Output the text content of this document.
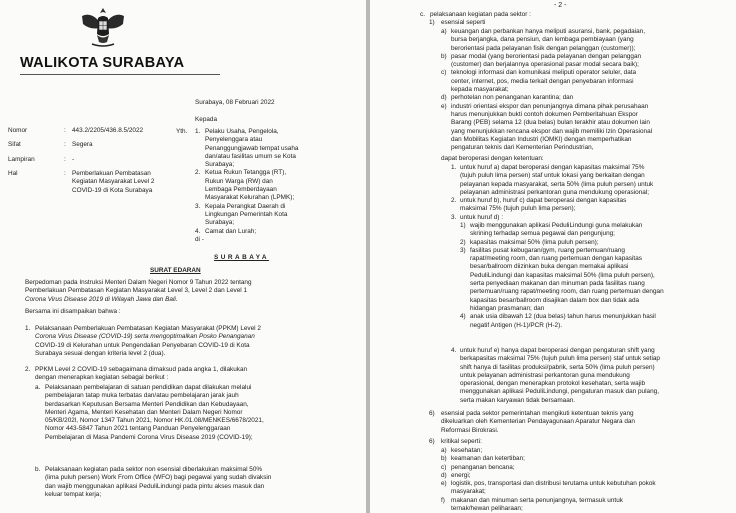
WALIKOTA SURABAYA
Surabaya, 08 Februari 2022
Kepada
Nomor	: 443.2/2205/436.8.5/2022
Sifat	: Segera
Lampiran	: -
Hal	: Pemberlakuan Pembatasan
Kegiatan Masyarakat Level 2
COVID-19 di Kota Surabaya
Yth. 1. Pelaku Usaha, Pengelola,
Penyelenggara atau
Penanggungjawab tempat usaha
dan/atau fasilitas umum se Kota
Surabaya;
2. Ketua Rukun Tetangga (RT),
Rukun Warga (RW) dan
Lembaga Pemberdayaan
Masyarakat Kelurahan (LPMK);
3. Kepala Perangkat Daerah di
Lingkungan Pemerintah Kota
Surabaya;
4. Camat dan Lurah;
di -
SURABAYA
SURAT EDARAN
Berpedoman pada Instruksi Menteri Dalam Negeri Nomor 9 Tahun 2022 tentang
Pemberlakuan Pembatasan Kegiatan Masyarakat Level 3, Level 2 dan Level 1
Corona Virus Disease 2019 di Wilayah Jawa dan Bali.
Bersama ini disampaikan bahwa :
1. Pelaksanaan Pemberlakuan Pembatasan Kegiatan Masyarakat (PPKM) Level 2
Corona Virus Disease (COVID-19) serta mengoptimalkan Posko Penanganan
COVID-19 di Kelurahan untuk Pengendalian Penyebaran COVID-19 di Kota
Surabaya sesuai dengan kriteria level 2 (dua).
2. PPKM Level 2 COVID-19 sebagaimana dimaksud pada angka 1, dilakukan
dengan menerapkan kegiatan sebagai berikut :
a. Pelaksanaan pembelajaran di satuan pendidikan dapat dilakukan melalui
pembelajaran tatap muka terbatas dan/atau pembelajaran jarak jauh
berdasarkan Keputusan Bersama Menteri Pendidikan dan Kebudayaan,
Menteri Agama, Menteri Kesehatan dan Menteri Dalam Negeri Nomor
05/KB/202l, Nomor 1347 Tahun 2021, Nomor HK.01.08/MENKES/6678/2021,
Nomor 443-5847 Tahun 2021 tentang Panduan Penyelenggaraan
Pembelajaran di Masa Pandemi Corona Virus Disease 2019 (COVID-19);
b. Pelaksanaan kegiatan pada sektor non esensial diberlakukan maksimal 50%
(lima puluh persen) Work From Office (WFO) bagi pegawai yang sudah divaksin
dan wajib menggunakan aplikasi PeduliLindungi pada pintu akses masuk dan
keluar tempat kerja;
- 2 -
c. pelaksanaan kegiatan pada sektor :
1) esensial seperti
a) keuangan dan perbankan hanya meliputi asuransi, bank, pegadaian,
bursa berjangka, dana pensiun, dan lembaga pembiayaan (yang
berorientasi pada pelayanan fisik dengan pelanggan (customer));
b) pasar modal (yang berorientasi pada pelayanan dengan pelanggan
(customer) dan berjalannya operasional pasar modal secara baik);
c) teknologi informasi dan komunikasi meliputi operator seluler, data
center, internet, pos, media terkait dengan penyebaran informasi
kepada masyarakat;
d) perhotelan non penanganan karantina; dan
e) industri orientasi ekspor dan penunjangnya dimana pihak perusahaan
harus menunjukkan bukti contoh dokumen Pemberitahuan Ekspor
Barang (PEB) selama 12 (dua belas) bulan terakhir atau dokumen lain
yang menunjukkan rencana ekspor dan wajib memiliki Izin Operasional
dan Mobilitas Kegiatan Industri (IOMKI) dengan memperhatikan
pengaturan teknis dari Kementerian Perindustrian,
dapat beroperasi dengan ketentuan:
1. untuk huruf a) dapat beroperasi dengan kapasitas maksimal 75%
(tujuh puluh lima persen) staf untuk lokasi yang berkaitan dengan
pelayanan kepada masyarakat, serta 50% (lima puluh persen) untuk
pelayanan administrasi perkantoran guna mendukung operasional;
2. untuk huruf b), huruf c) dapat beroperasi dengan kapasitas
maksimal 75% (tujuh puluh lima persen);
3. untuk huruf d) :
1) wajib menggunakan aplikasi PeduliLindungi guna melakukan
skrining terhadap semua pegawai dan pengunjung;
2) kapasitas maksimal 50% (lima puluh persen);
3) fasilitas pusat kebugaran/gym, ruang pertemuan/ruang
rapat/meeting room, dan ruang pertemuan dengan kapasitas
besar/ballroom diizinkan buka dengan memakai aplikasi
PeduliLindungi dan kapasitas maksimal 50% (lima puluh persen),
serta penyediaan makanan dan minuman pada fasilitas ruang
pertemuan/ruang rapat/meeting room, dan ruang pertemuan dengan
kapasitas besar/ballroom disajikan dalam box dan tidak ada
hidangan prasmanan; dan
4) anak usia dibawah 12 (dua belas) tahun harus menunjukkan hasil
negatif Antigen (H-1)/PCR (H-2).
4. untuk huruf e) hanya dapat beroperasi dengan pengaturan shift yang
berkapasitas maksimal 75% (tujuh puluh lima persen) staf untuk setiap
shift hanya di fasilitas produksi/pabrik, serta 50% (lima puluh persen)
untuk pelayanan administrasi perkantoran guna mendukung
operasional, dengan menerapkan protokol kesehatan, serta wajib
menggunakan aplikasi PeduliLindungi, pengaturan masuk dan pulang,
serta makan karyawan tidak bersamaan.
6) esensial pada sektor pemerintahan mengikuti ketentuan teknis yang
dikeluarkan oleh Kementerian Pendayagunaan Aparatur Negara dan
Reformasi Birokrasi.
6) kritikal seperti:
a) kesehatan;
b) keamanan dan ketertiban;
c) penanganan bencana;
d) energi;
e) logistik, pos, transportasi dan distribusi terutama untuk kebutuhan pokok
masyarakat;
f) makanan dan minuman serta penunjangnya, termasuk untuk
ternak/hewan peliharaan;
